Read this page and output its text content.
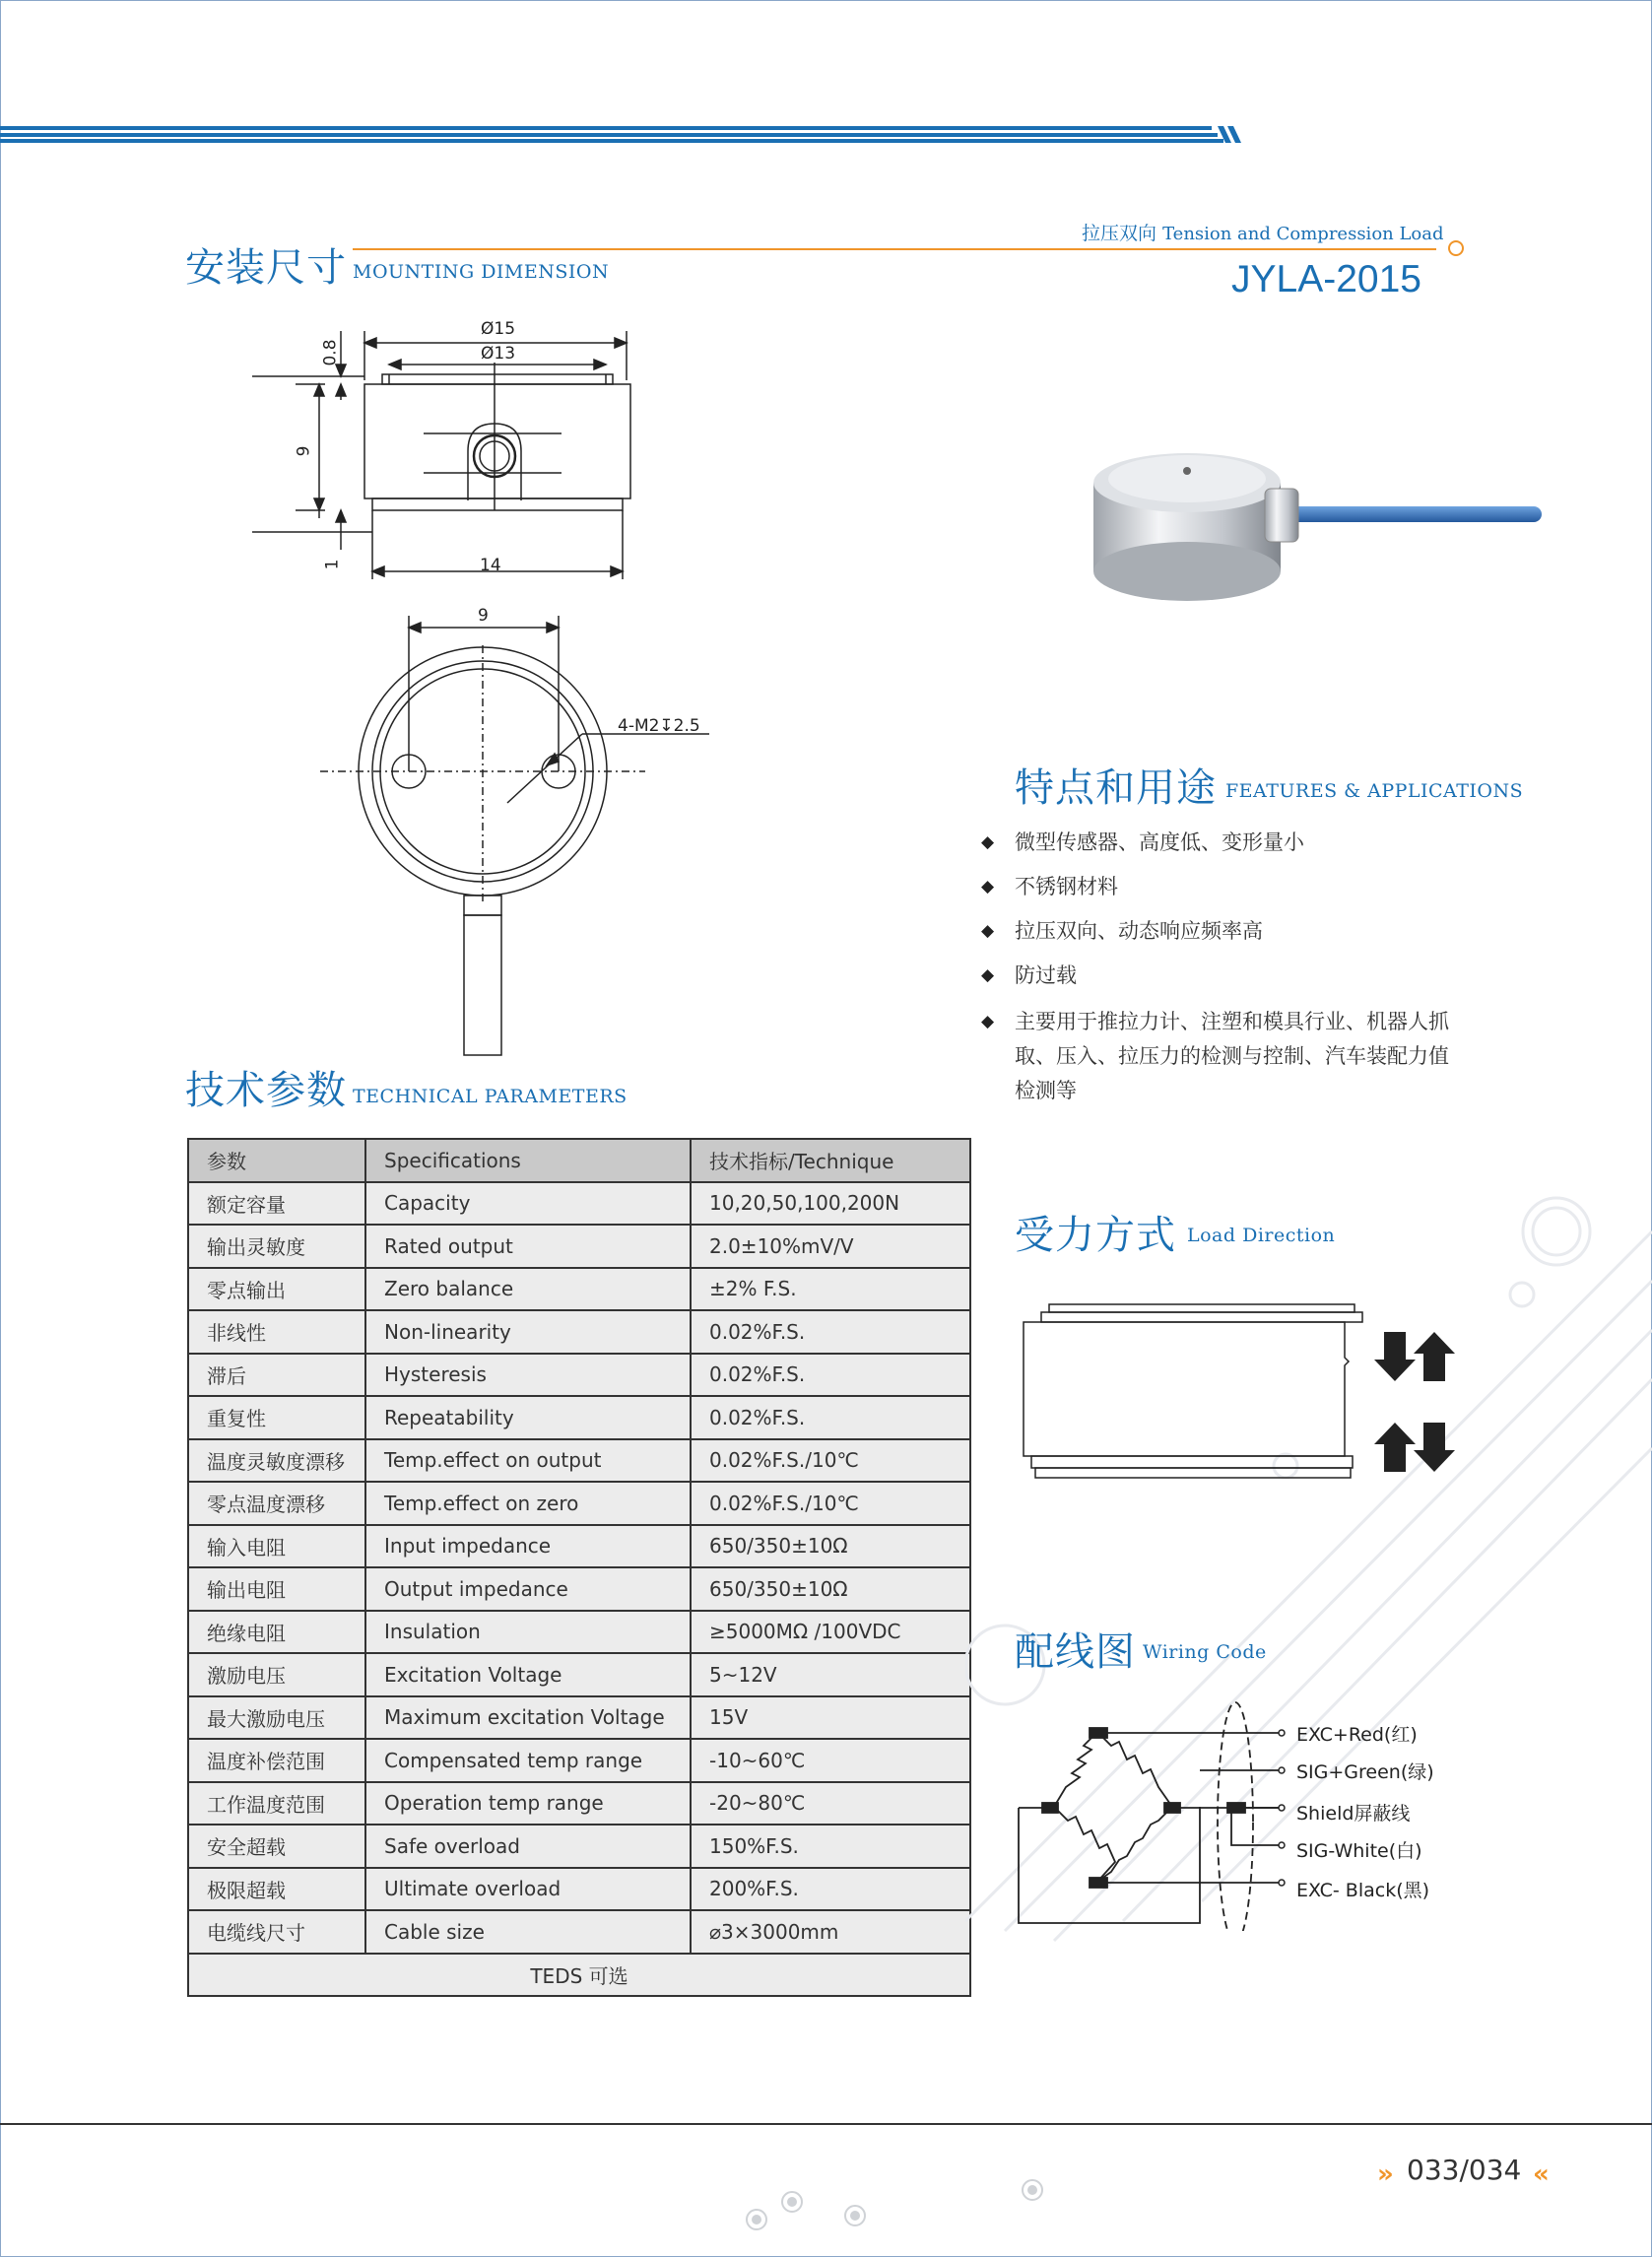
安装尺寸 MOUNTING DIMENSION
拉压双向 Tension and Compression Load
JYLA-2015
Ø15
Ø13
0.8
9
1	14
9
4-M2↧2.5
特点和用途 FEATURES & APPLICATIONS
◆ 微型传感器、高度低、变形量小
◆ 不锈钢材料
◆ 拉压双向、动态响应频率高
◆ 防过载
◆ 主要用于推拉力计、注塑和模具行业、机器人抓
取、压入、拉压力的检测与控制、汽车装配力值
检测等
技术参数 TECHNICAL PARAMETERS
参数	Specifications	技术指标/Technique
额定容量	Capacity	10,20,50,100,200N
输出灵敏度	Rated output	2.0±10%mV/V
零点输出	Zero balance	±2% F.S.
非线性	Non-linearity	0.02%F.S.
滞后	Hysteresis	0.02%F.S.
重复性	Repeatability	0.02%F.S.
温度灵敏度漂移	Temp.effect on output	0.02%F.S./10℃
零点温度漂移	Temp.effect on zero	0.02%F.S./10℃
输入电阻	Input impedance	650/350±10Ω
输出电阻	Output impedance	650/350±10Ω
绝缘电阻	Insulation	≥5000MΩ /100VDC
激励电压	Excitation Voltage	5~12V
最大激励电压	Maximum excitation Voltage	15V
温度补偿范围	Compensated temp range	-10~60℃
工作温度范围	Operation temp range	-20~80℃
安全超载	Safe overload	150%F.S.
极限超载	Ultimate overload	200%F.S.
电缆线尺寸	Cable size	⌀3×3000mm
TEDS 可选		
受力方式 Load Direction
配线图 Wiring Code
EXC+Red(红)
SIG+Green(绿)
Shield屏蔽线
SIG-White(白)
EXC- Black(黑)
» 033/034 «
